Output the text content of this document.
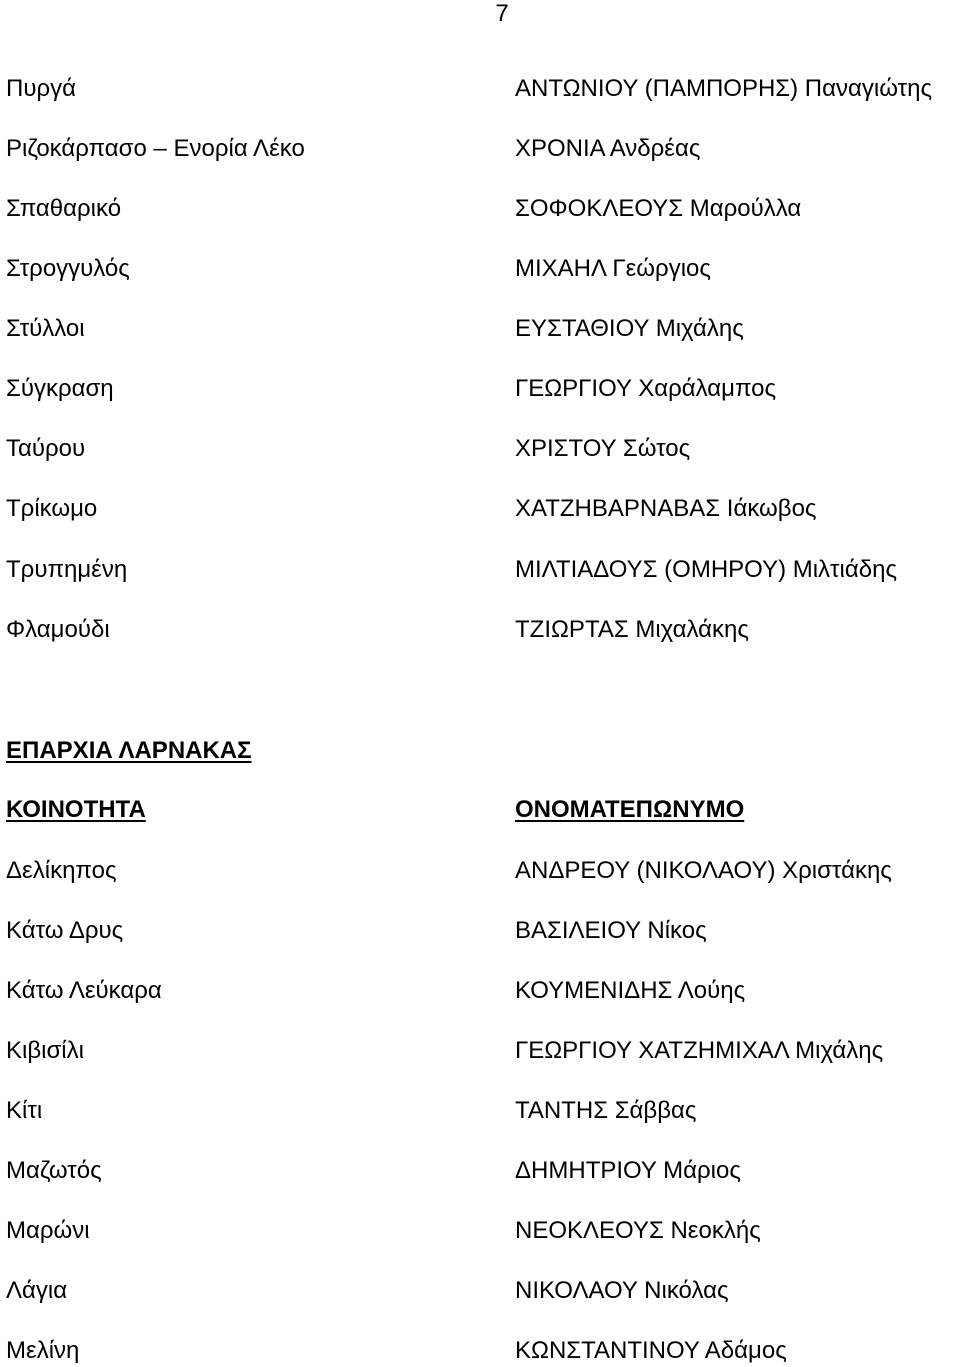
7
Πυργά	ΑΝΤΩΝΙΟΥ (ΠΑΜΠΟΡΗΣ) Παναγιώτης
Ριζοκάρπασο – Ενορία Λέκο	ΧΡΟΝΙΑ Ανδρέας
Σπαθαρικό	ΣΟΦΟΚΛΕΟΥΣ Μαρούλλα
Στρογγυλός	ΜΙΧΑΗΛ Γεώργιος
Στύλλοι	ΕΥΣΤΑΘΙΟΥ Μιχάλης
Σύγκραση	ΓΕΩΡΓΙΟΥ Χαράλαμπος
Ταύρου	ΧΡΙΣΤΟΥ Σώτος
Τρίκωμο	ΧΑΤΖΗΒΑΡΝΑΒΑΣ Ιάκωβος
Τρυπημένη	ΜΙΛΤΙΑΔΟΥΣ (ΟΜΗΡΟΥ) Μιλτιάδης
Φλαμούδι	ΤΖΙΩΡΤΑΣ Μιχαλάκης
ΕΠΑΡΧΙΑ ΛΑΡΝΑΚΑΣ
ΚΟΙΝΟΤΗΤΑ	ΟΝΟΜΑΤΕΠΩΝΥΜΟ
Δελίκηπος	ΑΝΔΡΕΟΥ (ΝΙΚΟΛΑΟΥ) Χριστάκης
Κάτω Δρυς	ΒΑΣΙΛΕΙΟΥ Νίκος
Κάτω Λεύκαρα	ΚΟΥΜΕΝΙΔΗΣ Λούης
Κιβισίλι	ΓΕΩΡΓΙΟΥ ΧΑΤΖΗΜΙΧΑΛ Μιχάλης
Κίτι	ΤΑΝΤΗΣ Σάββας
Μαζωτός	ΔΗΜΗΤΡΙΟΥ Μάριος
Μαρώνι	ΝΕΟΚΛΕΟΥΣ Νεοκλής
Λάγια	ΝΙΚΟΛΑΟΥ Νικόλας
Μελίνη	ΚΩΝΣΤΑΝΤΙΝΟΥ Αδάμος
